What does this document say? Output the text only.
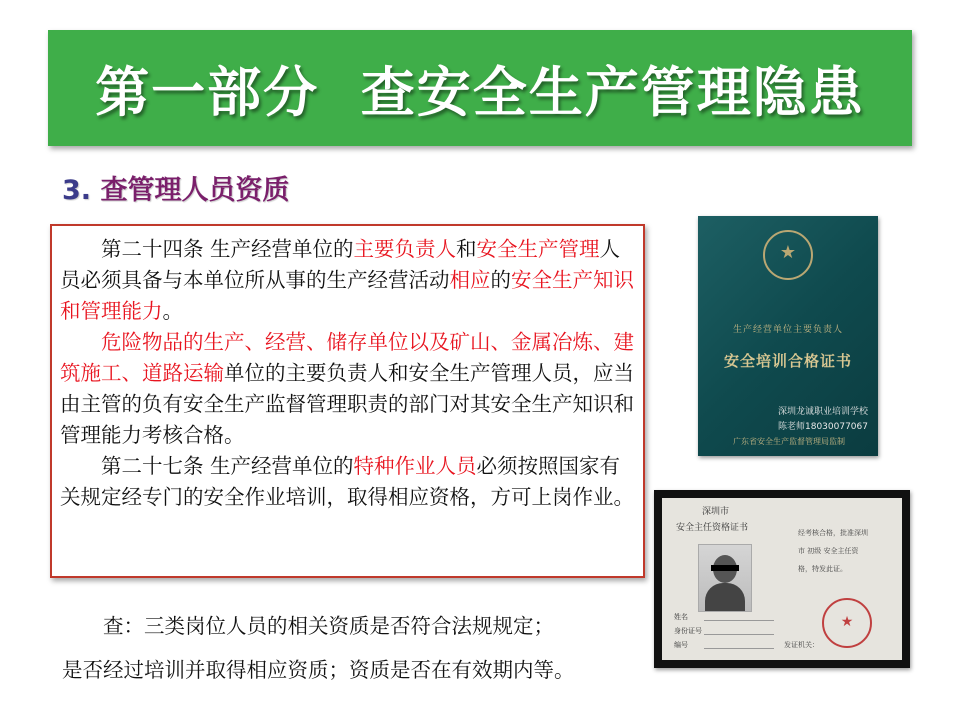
第一部分  查安全生产管理隐患
3. 查管理人员资质

第二十四条 生产经营单位的主要负责人和安全生产管理人员必须具备与本单位所从事的生产经营活动相应的安全生产知识和管理能力。

危险物品的生产、经营、储存单位以及矿山、金属冶炼、建筑施工、道路运输单位的主要负责人和安全生产管理人员，应当由主管的负有安全生产监督管理职责的部门对其安全生产知识和管理能力考核合格。

第二十七条 生产经营单位的特种作业人员必须按照国家有关规定经专门的安全作业培训，取得相应资格，方可上岗作业。

查：三类岗位人员的相关资质是否符合法规规定；
是否经过培训并取得相应资质；资质是否在有效期内等。
★
生产经营单位主要负责人
安全培训合格证书
深圳龙诚职业培训学校
陈老师18030077067
广东省安全生产监督管理局监制
深圳市
安全主任资格证书
姓名
身份证号
编号
经考核合格，批准深圳
市 初级 安全主任资
格，特发此证。
发证机关：
★
